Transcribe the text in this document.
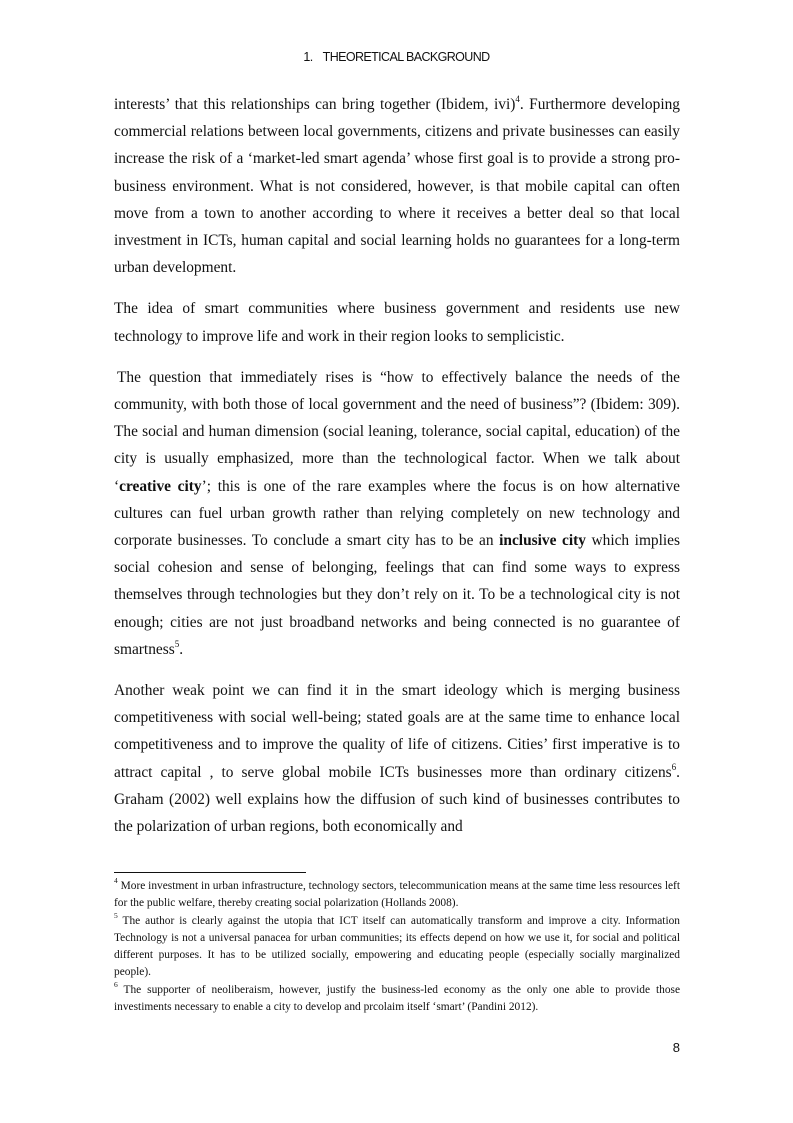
1. THEORETICAL BACKGROUND

interests’ that this relationships can bring together (Ibidem, ivi)$^4$. Furthermore developing commercial relations between local governments, citizens and private businesses can easily increase the risk of a ‘market-led smart agenda’ whose first goal is to provide a strong pro-business environment. What is not considered, however, is that mobile capital can often move from a town to another according to where it receives a better deal so that local investment in ICTs, human capital and social learning holds no guarantees for a long-term urban development.

The idea of smart communities where business government and residents use new technology to improve life and work in their region looks to semplicistic.

The question that immediately rises is “how to effectively balance the needs of the community, with both those of local government and the need of business”? (Ibidem: 309). The social and human dimension (social leaning, tolerance, social capital, education) of the city is usually emphasized, more than the technological factor. When we talk about ‘creative city’; this is one of the rare examples where the focus is on how alternative cultures can fuel urban growth rather than relying completely on new technology and corporate businesses. To conclude a smart city has to be an inclusive city which implies social cohesion and sense of belonging, feelings that can find some ways to express themselves through technologies but they don’t rely on it. To be a technological city is not enough; cities are not just broadband networks and being connected is no guarantee of smartness$^5$.

Another weak point we can find it in the smart ideology which is merging business competitiveness with social well-being; stated goals are at the same time to enhance local competitiveness and to improve the quality of life of citizens. Cities’ first imperative is to attract capital , to serve global mobile ICTs businesses more than ordinary citizens$^6$. Graham (2002) well explains how the diffusion of such kind of businesses contributes to the polarization of urban regions, both economically and

$^4$ More investment in urban infrastructure, technology sectors, telecommunication means at the same time less resources left for the public welfare, thereby creating social polarization (Hollands 2008).

$^5$ The author is clearly against the utopia that ICT itself can automatically transform and improve a city. Information Technology is not a universal panacea for urban communities; its effects depend on how we use it, for social and political different purposes. It has to be utilized socially, empowering and educating people (especially socially marginalized people).

$^6$ The supporter of neoliberaism, however, justify the business-led economy as the only one able to provide those investiments necessary to enable a city to develop and prcolaim itself ‘smart’ (Pandini 2012).

8
